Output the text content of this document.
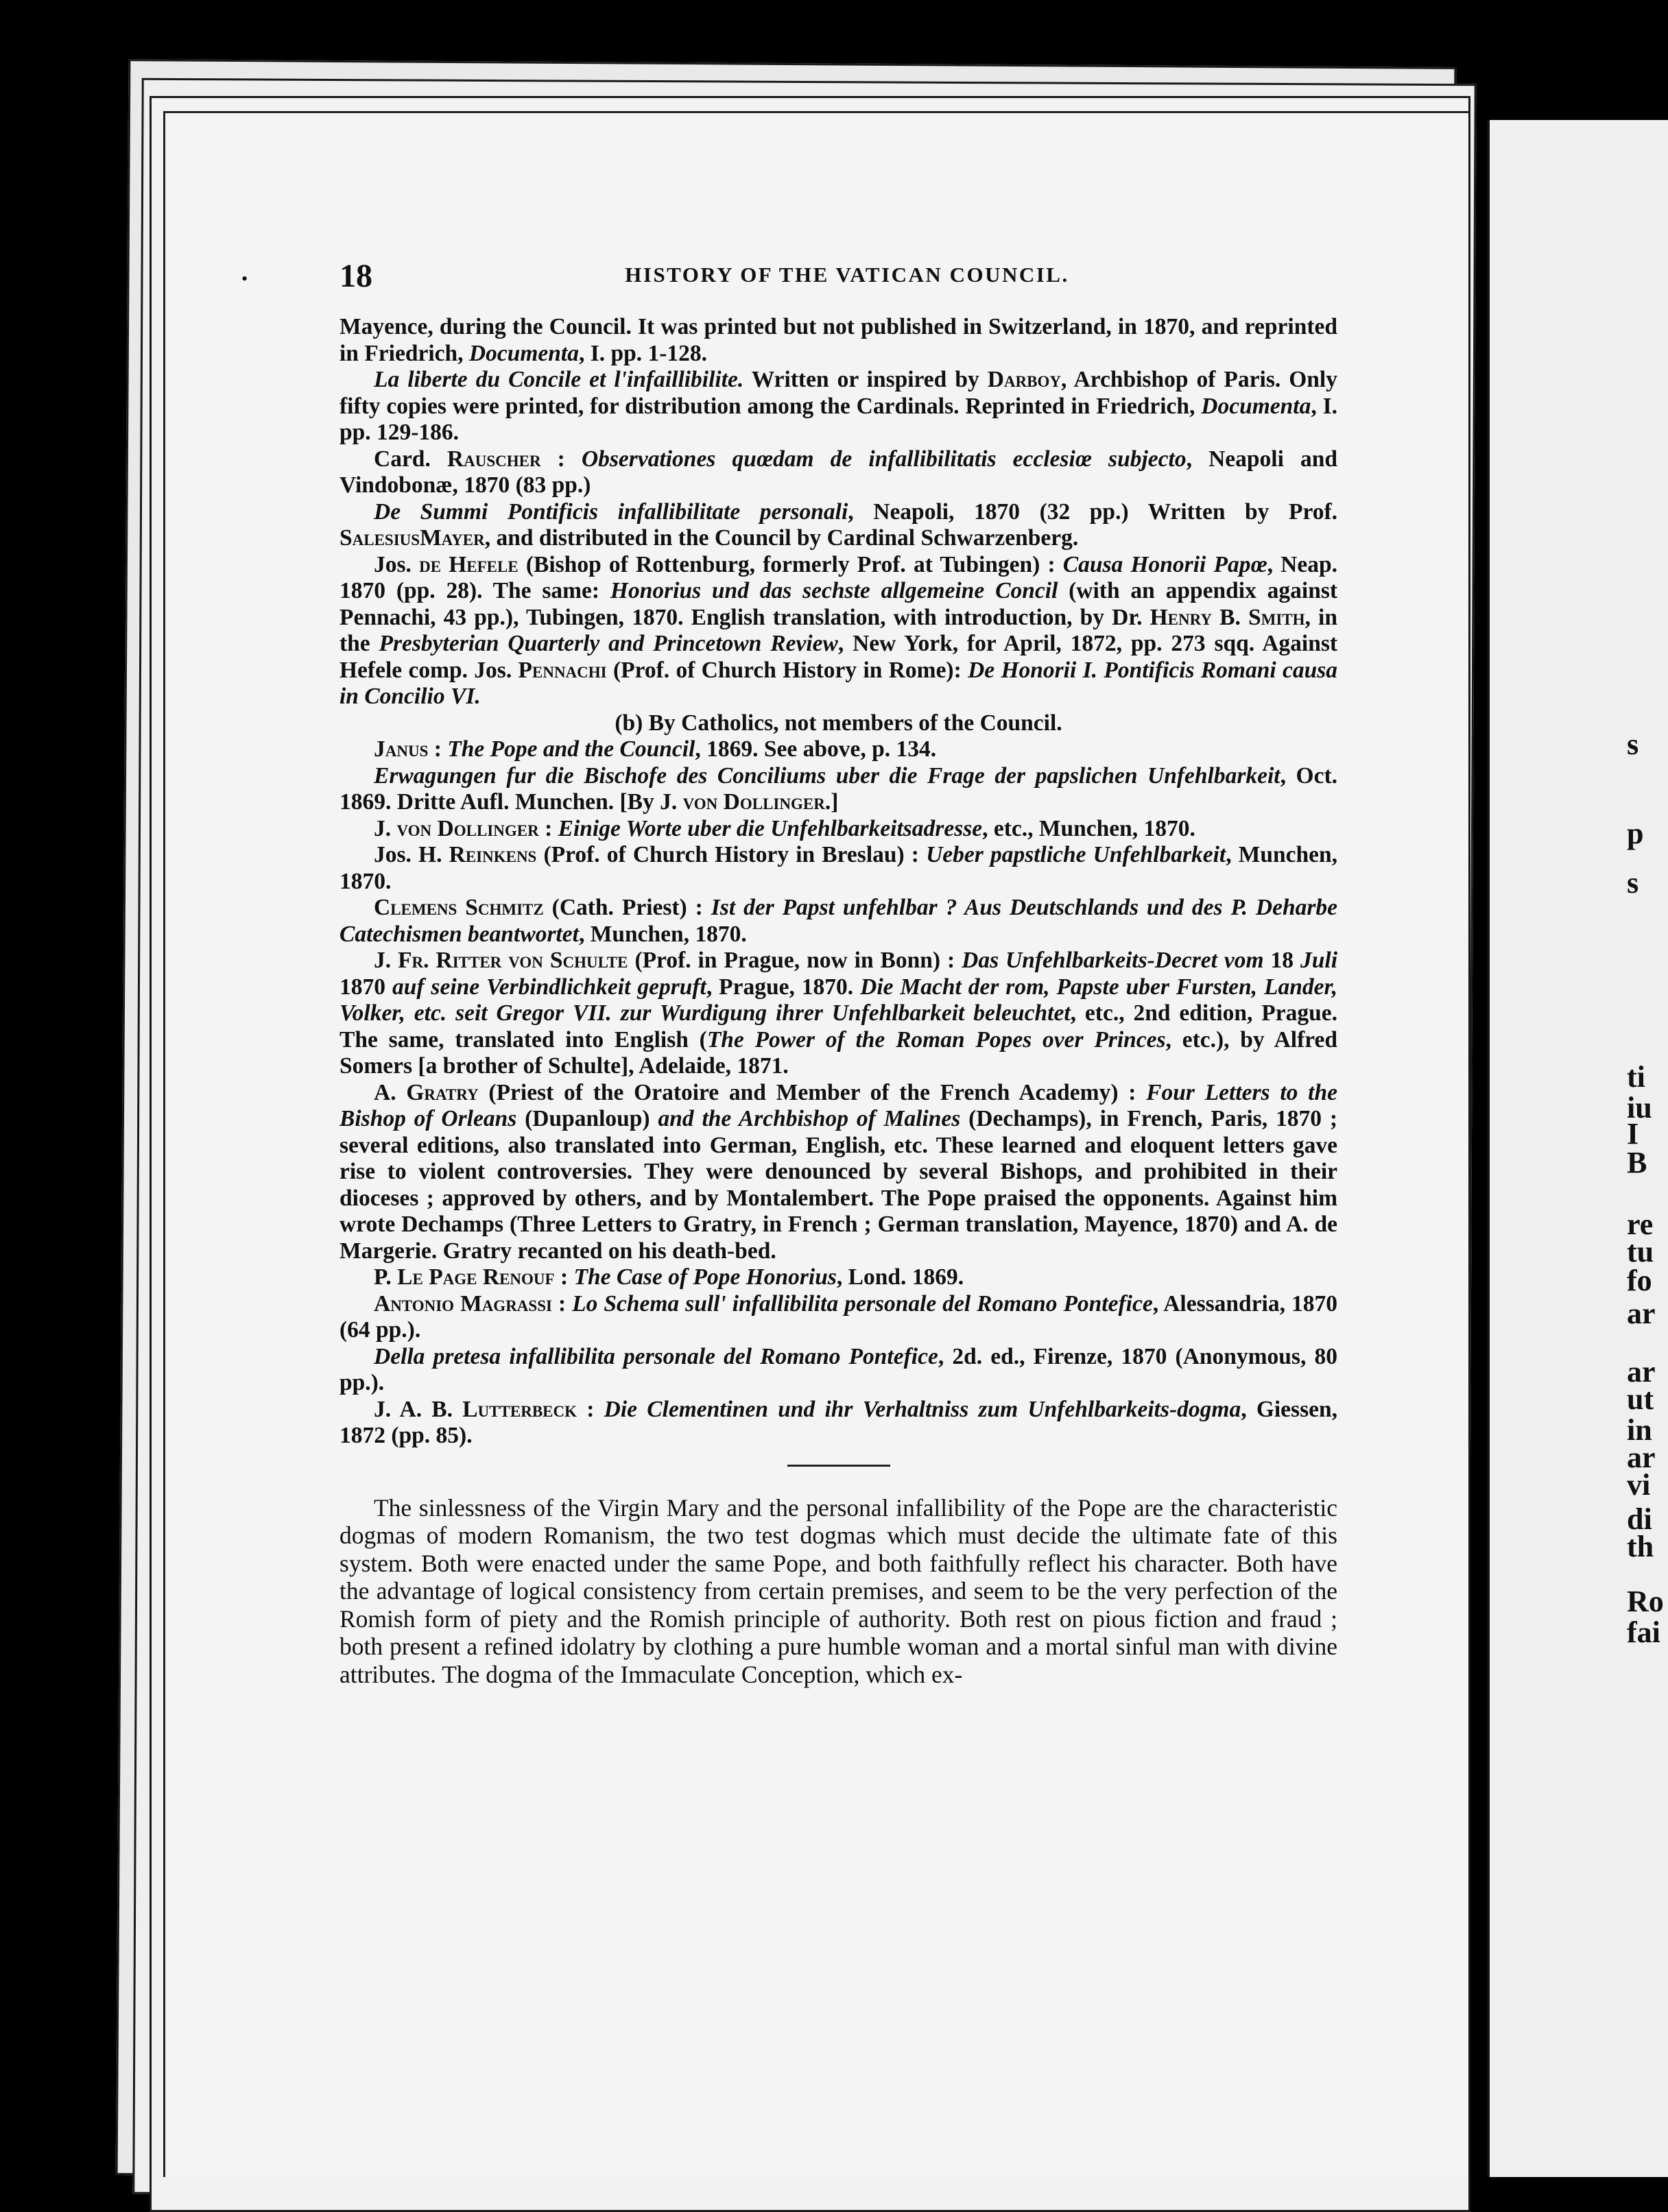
s
p
s
ti
iu
I
B
re
tu
fo
ar
ar
ut
in
ar
vi
di
th
Ro
fai
•	18	HISTORY OF THE VATICAN COUNCIL.

Mayence, during the Council. It was printed but not published in Switzerland, in 1870, and reprinted in Friedrich, Documenta, I. pp. 1-128.

La liberte du Concile et l'infaillibilite. Written or inspired by Darboy, Archbishop of Paris. Only fifty copies were printed, for distribution among the Cardinals. Reprinted in Friedrich, Documenta, I. pp. 129-186.

Card. Rauscher : Observationes quœdam de infallibilitatis ecclesiœ subjecto, Neapoli and Vindobonæ, 1870 (83 pp.)

De Summi Pontificis infallibilitate personali, Neapoli, 1870 (32 pp.) Written by Prof. SalesiusMayer, and distributed in the Council by Cardinal Schwarzenberg.

Jos. de Hefele (Bishop of Rottenburg, formerly Prof. at Tubingen) : Causa Honorii Papœ, Neap. 1870 (pp. 28). The same: Honorius und das sechste allgemeine Concil (with an appendix against Pennachi, 43 pp.), Tubingen, 1870. English translation, with introduction, by Dr. Henry B. Smith, in the Presbyterian Quarterly and Princetown Review, New York, for April, 1872, pp. 273 sqq. Against Hefele comp. Jos. Pennachi (Prof. of Church History in Rome): De Honorii I. Pontificis Romani causa in Concilio VI.

(b) By Catholics, not members of the Council.

Janus : The Pope and the Council, 1869. See above, p. 134.

Erwagungen fur die Bischofe des Conciliums uber die Frage der papslichen Unfehlbarkeit, Oct. 1869. Dritte Aufl. Munchen. [By J. von Dollinger.]

J. von Dollinger : Einige Worte uber die Unfehlbarkeitsadresse, etc., Munchen, 1870.

Jos. H. Reinkens (Prof. of Church History in Breslau) : Ueber papstliche Unfehlbarkeit, Munchen, 1870.

Clemens Schmitz (Cath. Priest) : Ist der Papst unfehlbar ? Aus Deutschlands und des P. Deharbe Catechismen beantwortet, Munchen, 1870.

J. Fr. Ritter von Schulte (Prof. in Prague, now in Bonn) : Das Unfehlbarkeits-Decret vom 18 Juli 1870 auf seine Verbindlichkeit gepruft, Prague, 1870. Die Macht der rom, Papste uber Fursten, Lander, Volker, etc. seit Gregor VII. zur Wurdigung ihrer Unfehlbarkeit beleuchtet, etc., 2nd edition, Prague. The same, translated into English (The Power of the Roman Popes over Princes, etc.), by Alfred Somers [a brother of Schulte], Adelaide, 1871.

A. Gratry (Priest of the Oratoire and Member of the French Academy) : Four Letters to the Bishop of Orleans (Dupanloup) and the Archbishop of Malines (Dechamps), in French, Paris, 1870 ; several editions, also translated into German, English, etc. These learned and eloquent letters gave rise to violent controversies. They were denounced by several Bishops, and prohibited in their dioceses ; approved by others, and by Montalembert. The Pope praised the opponents. Against him wrote Dechamps (Three Letters to Gratry, in French ; German translation, Mayence, 1870) and A. de Margerie. Gratry recanted on his death-bed.

P. Le Page Renouf : The Case of Pope Honorius, Lond. 1869.

Antonio Magrassi : Lo Schema sull' infallibilita personale del Romano Pontefice, Alessandria, 1870 (64 pp.).

Della pretesa infallibilita personale del Romano Pontefice, 2d. ed., Firenze, 1870 (Anonymous, 80 pp.).

J. A. B. Lutterbeck : Die Clementinen und ihr Verhaltniss zum Unfehlbarkeits-dogma, Giessen, 1872 (pp. 85).

The sinlessness of the Virgin Mary and the personal infallibility of the Pope are the characteristic dogmas of modern Romanism, the two test dogmas which must decide the ultimate fate of this system. Both were enacted under the same Pope, and both faithfully reflect his character. Both have the advantage of logical consistency from certain premises, and seem to be the very perfection of the Romish form of piety and the Romish principle of authority. Both rest on pious fiction and fraud ; both present a refined idolatry by clothing a pure humble woman and a mortal sinful man with divine attributes. The dogma of the Immaculate Conception, which ex-
